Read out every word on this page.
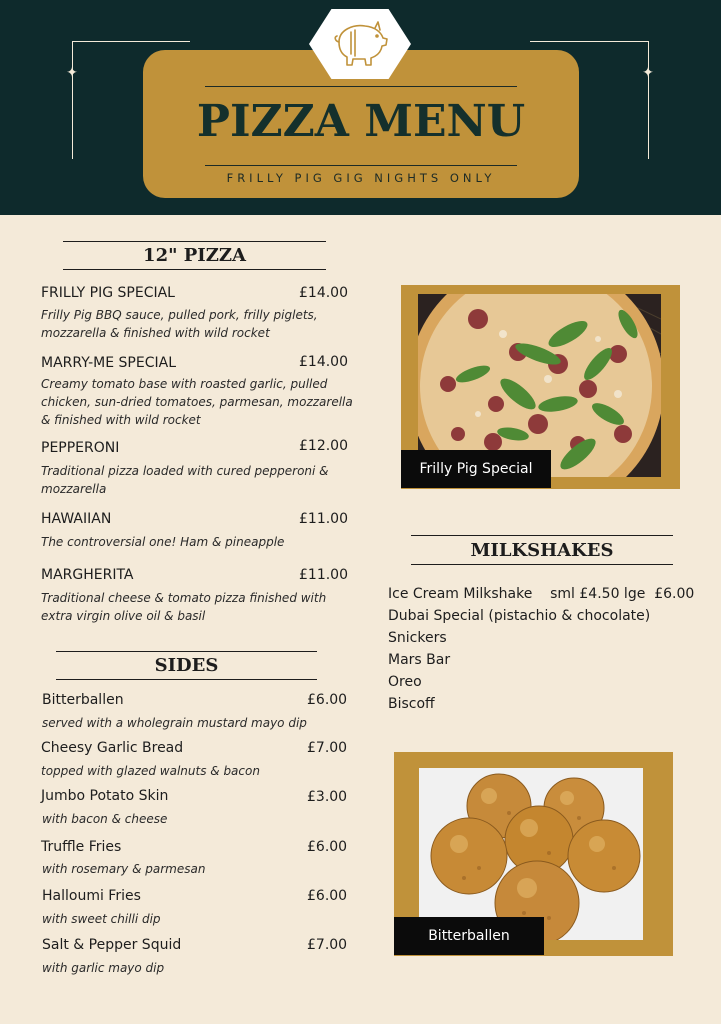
✦	✦
PIZZA MENU
FRILLY PIG GIG NIGHTS ONLY
12" PIZZA
FRILLY PIG SPECIAL	£14.00
Frilly Pig BBQ sauce, pulled pork, frilly piglets, mozzarella & finished with wild rocket
MARRY-ME SPECIAL	£14.00
Creamy tomato base with roasted garlic, pulled chicken, sun-dried tomatoes, parmesan, mozzarella & finished with wild rocket
PEPPERONI	£12.00
Traditional pizza loaded with cured pepperoni & mozzarella
HAWAIIAN	£11.00
The controversial one! Ham & pineapple
MARGHERITA	£11.00
Traditional cheese & tomato pizza finished with extra virgin olive oil & basil
SIDES
Bitterballen	£6.00
served with a wholegrain mustard mayo dip
Cheesy Garlic Bread	£7.00
topped with glazed walnuts & bacon
Jumbo Potato Skin	£3.00
with bacon & cheese
Truffle Fries	£6.00
with rosemary & parmesan
Halloumi Fries	£6.00
with sweet chilli dip
Salt & Pepper Squid	£7.00
with garlic mayo dip
Frilly Pig Special
MILKSHAKES
Ice Cream Milkshake    sml £4.50 lge  £6.00
Dubai Special (pistachio & chocolate)
Snickers
Mars Bar
Oreo
Biscoff
Bitterballen
